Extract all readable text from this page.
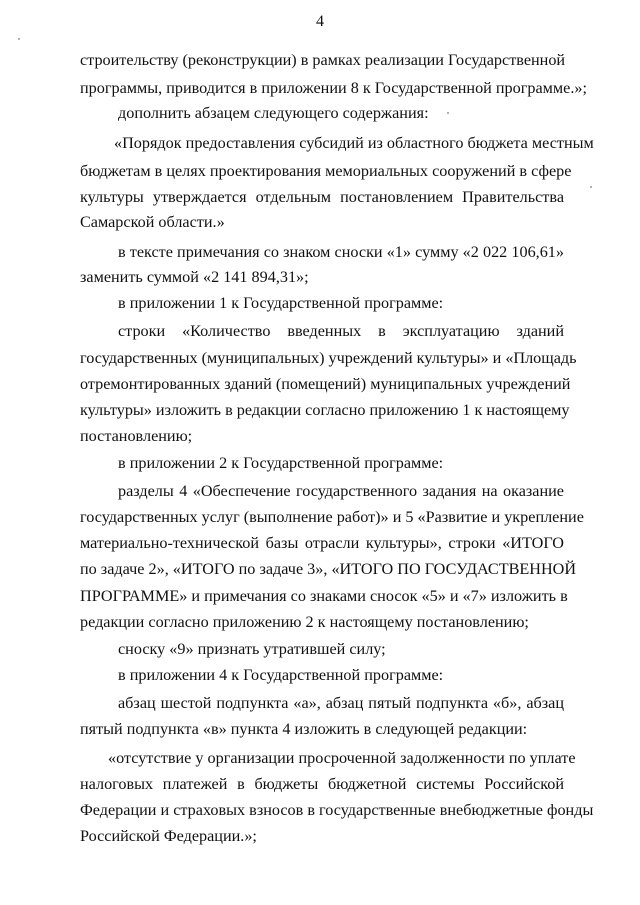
4
строительству (реконструкции) в рамках реализации Государственной
программы, приводится в приложении 8 к Государственной программе.»;
дополнить абзацем следующего содержания:
«Порядок предоставления субсидий из областного бюджета местным
бюджетам в целях проектирования мемориальных сооружений в сфере
культуры утверждается отдельным постановлением Правительства
Самарской области.»
в тексте примечания со знаком сноски «1» сумму «2 022 106,61»
заменить суммой «2 141 894,31»;
в приложении 1 к Государственной программе:
строки «Количество введенных в эксплуатацию зданий
государственных (муниципальных) учреждений культуры» и «Площадь
отремонтированных зданий (помещений) муниципальных учреждений
культуры» изложить в редакции согласно приложению 1 к настоящему
постановлению;
в приложении 2 к Государственной программе:
разделы 4 «Обеспечение государственного задания на оказание
государственных услуг (выполнение работ)» и 5 «Развитие и укрепление
материально-технической базы отрасли культуры», строки «ИТОГО
по задаче 2», «ИТОГО по задаче 3», «ИТОГО ПО ГОСУДАСТВЕННОЙ
ПРОГРАММЕ» и примечания со знаками сносок «5» и «7» изложить в
редакции согласно приложению 2 к настоящему постановлению;
сноску «9» признать утратившей силу;
в приложении 4 к Государственной программе:
абзац шестой подпункта «а», абзац пятый подпункта «б», абзац
пятый подпункта «в» пункта 4 изложить в следующей редакции:
«отсутствие у организации просроченной задолженности по уплате
налоговых платежей в бюджеты бюджетной системы Российской
Федерации и страховых взносов в государственные внебюджетные фонды
Российской Федерации.»;
